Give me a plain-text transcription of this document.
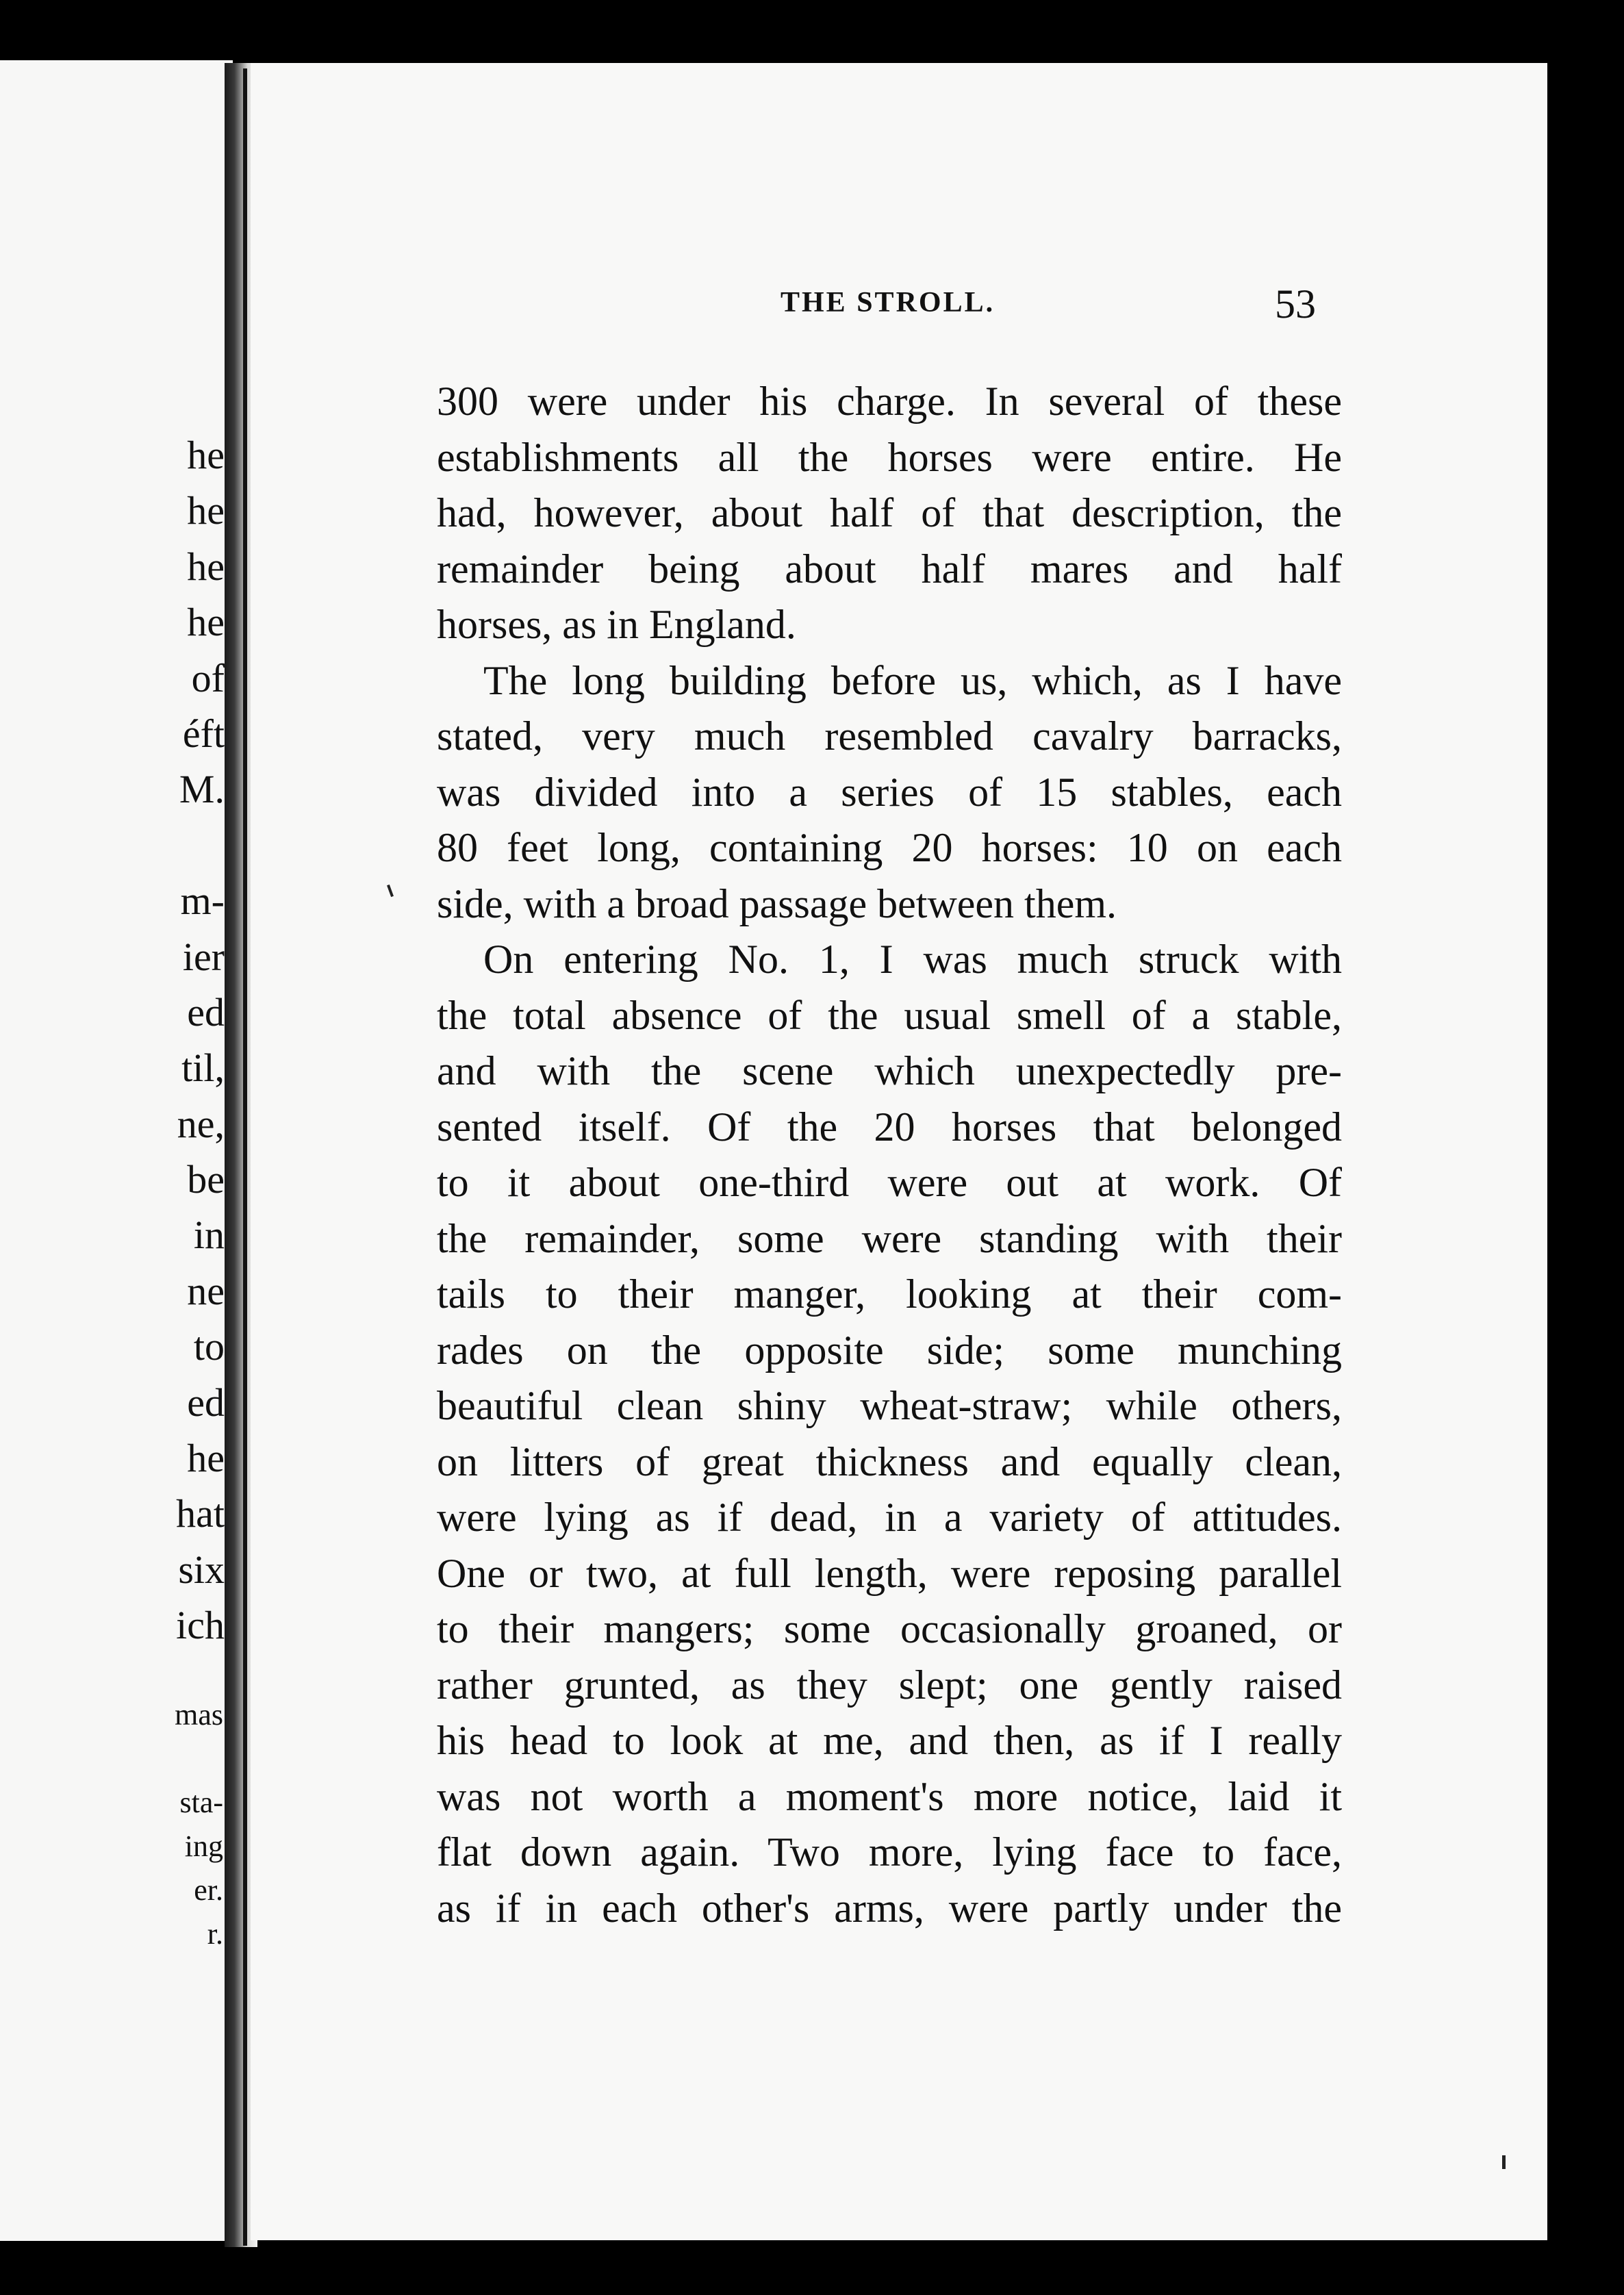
he
he
he
he
of
éft
M.
m-
ier
ed
til,
ne,
be
in
ne
to
ed
he
hat
six
ich
mas
sta-
ing
er.
r.
THE STROLL.	53
300 were under his charge. In several of these
establishments all the horses were entire. He
had, however, about half of that description, the
remainder being about half mares and half
horses, as in England.
The long building before us, which, as I have
stated, very much resembled cavalry barracks,
was divided into a series of 15 stables, each
80 feet long, containing 20 horses: 10 on each
side, with a broad passage between them.
On entering No. 1, I was much struck with
the total absence of the usual smell of a stable,
and with the scene which unexpectedly pre-
sented itself. Of the 20 horses that belonged
to it about one-third were out at work. Of
the remainder, some were standing with their
tails to their manger, looking at their com-
rades on the opposite side; some munching
beautiful clean shiny wheat-straw; while others,
on litters of great thickness and equally clean,
were lying as if dead, in a variety of attitudes.
One or two, at full length, were reposing parallel
to their mangers; some occasionally groaned, or
rather grunted, as they slept; one gently raised
his head to look at me, and then, as if I really
was not worth a moment's more notice, laid it
flat down again. Two more, lying face to face,
as if in each other's arms, were partly under the
